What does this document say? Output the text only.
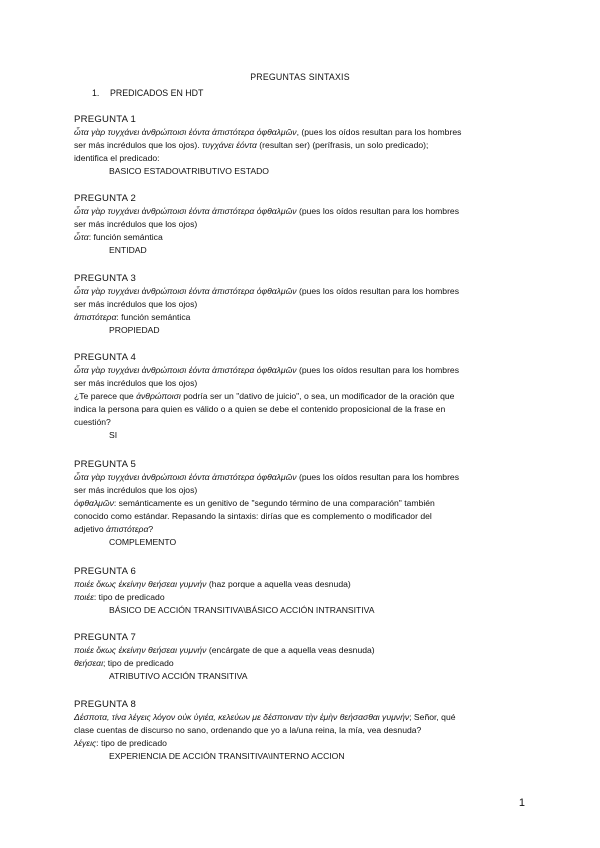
PREGUNTAS SINTAXIS
1. PREDICADOS EN HDT
PREGUNTA 1
ὦτα γὰρ τυγχάνει ἀνθρώποισι ἐόντα ἀπιστότερα ὀφθαλμῶν, (pues los oídos resultan para los hombres
ser más incrédulos que los ojos). τυγχάνει ἐόντα (resultan ser) (perífrasis, un solo predicado);
identifica el predicado:
BASICO ESTADO\ATRIBUTIVO ESTADO
PREGUNTA 2
ὦτα γὰρ τυγχάνει ἀνθρώποισι ἐόντα ἀπιστότερα ὀφθαλμῶν (pues los oídos resultan para los hombres
ser más incrédulos que los ojos)
ὦτα: función semántica
ENTIDAD
PREGUNTA 3
ὦτα γὰρ τυγχάνει ἀνθρώποισι ἐόντα ἀπιστότερα ὀφθαλμῶν (pues los oídos resultan para los hombres
ser más incrédulos que los ojos)
ἀπιστότερα: función semántica
PROPIEDAD
PREGUNTA 4
ὦτα γὰρ τυγχάνει ἀνθρώποισι ἐόντα ἀπιστότερα ὀφθαλμῶν (pues los oídos resultan para los hombres
ser más incrédulos que los ojos)
¿Te parece que ἀνθρώποισι podría ser un "dativo de juicio", o sea, un modificador de la oración que
indica la persona para quien es válido o a quien se debe el contenido proposicional de la frase en
cuestión?
SI
PREGUNTA 5
ὦτα γὰρ τυγχάνει ἀνθρώποισι ἐόντα ἀπιστότερα ὀφθαλμῶν (pues los oídos resultan para los hombres
ser más incrédulos que los ojos)
ὀφθαλμῶν: semánticamente es un genitivo de "segundo término de una comparación" también
conocido como estándar. Repasando la sintaxis: dirías que es complemento o modificador del
adjetivo ἀπιστότερα?
COMPLEMENTO
PREGUNTA 6
ποιέε ὅκως ἐκείνην θεήσεαι γυμνήν (haz porque a aquella veas desnuda)
ποιέε: tipo de predicado
BÁSICO DE ACCIÓN TRANSITIVA\BÁSICO ACCIÓN INTRANSITIVA
PREGUNTA 7
ποιέε ὅκως ἐκείνην θεήσεαι γυμνήν (encárgate de que a aquella veas desnuda)
θεήσεαι; tipo de predicado
ATRIBUTIVO ACCIÓN TRANSITIVA
PREGUNTA 8
Δέσποτα, τίνα λέγεις λόγον οὐκ ὑγιέα, κελεύων με δέσποιναν τὴν ἐμὴν θεήσασθαι γυμνήν; Señor, qué
clase cuentas de discurso no sano, ordenando que yo a la/una reina, la mía, vea desnuda?
λέγεις: tipo de predicado
EXPERIENCIA DE ACCIÓN TRANSITIVA\INTERNO ACCION
1
